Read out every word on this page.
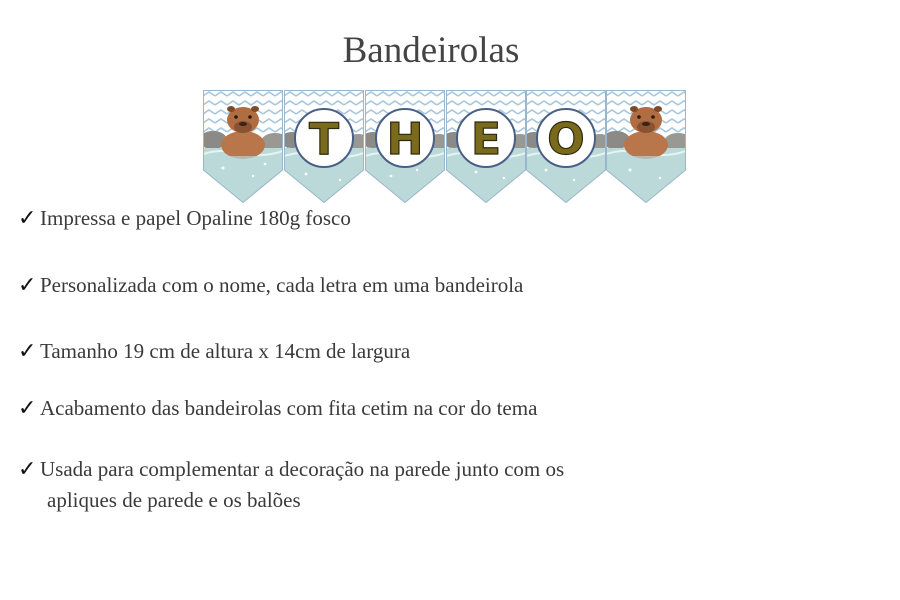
Bandeirolas
T H E O
✓ Impressa e papel Opaline 180g fosco
✓ Personalizada com o nome, cada letra em uma bandeirola
✓ Tamanho 19 cm de altura x 14cm de largura
✓ Acabamento das bandeirolas com fita cetim na cor do tema
✓ Usada para complementar a decoração na parede junto com os
apliques de parede e os balões
